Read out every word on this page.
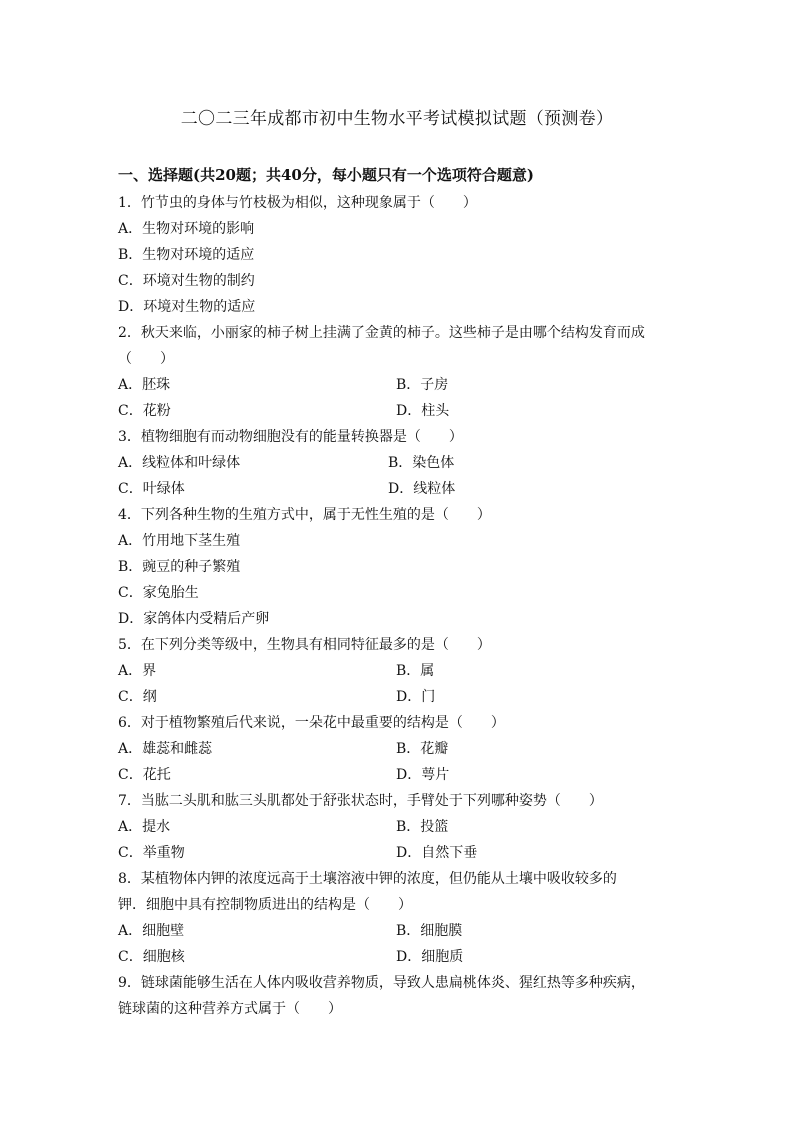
二〇二三年成都市初中生物水平考试模拟试题（预测卷）
一、选择题(共20题；共40分，每小题只有一个选项符合题意)
1．竹节虫的身体与竹枝极为相似，这种现象属于（　　）
A．生物对环境的影响
B．生物对环境的适应
C．环境对生物的制约
D．环境对生物的适应
2．秋天来临，小丽家的柿子树上挂满了金黄的柿子。这些柿子是由哪个结构发育而成
（　　）
A．胚珠	B．子房
C．花粉	D．柱头
3．植物细胞有而动物细胞没有的能量转换器是（　　）
A．线粒体和叶绿体	B．染色体
C．叶绿体	D．线粒体
4．下列各种生物的生殖方式中，属于无性生殖的是（　　）
A．竹用地下茎生殖
B．豌豆的种子繁殖
C．家兔胎生
D．家鸽体内受精后产卵
5．在下列分类等级中，生物具有相同特征最多的是（　　）
A．界	B．属
C．纲	D．门
6．对于植物繁殖后代来说，一朵花中最重要的结构是（　　）
A．雄蕊和雌蕊	B．花瓣
C．花托	D．萼片
7．当肱二头肌和肱三头肌都处于舒张状态时，手臂处于下列哪种姿势（　　）
A．提水	B．投篮
C．举重物	D．自然下垂
8．某植物体内钾的浓度远高于土壤溶液中钾的浓度，但仍能从土壤中吸收较多的
钾．细胞中具有控制物质进出的结构是（　　）
A．细胞壁	B．细胞膜
C．细胞核	D．细胞质
9．链球菌能够生活在人体内吸收营养物质，导致人患扁桃体炎、猩红热等多种疾病，
链球菌的这种营养方式属于（　　）
